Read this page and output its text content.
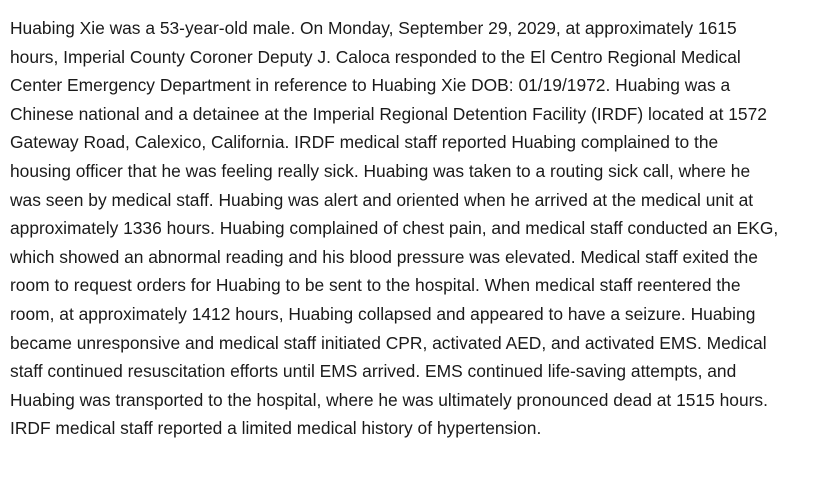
Huabing Xie was a 53-year-old male. On Monday, September 29, 2029, at approximately 1615
hours, Imperial County Coroner Deputy J. Caloca responded to the El Centro Regional Medical
Center Emergency Department in reference to Huabing Xie DOB: 01/19/1972. Huabing was a
Chinese national and a detainee at the Imperial Regional Detention Facility (IRDF) located at 1572
Gateway Road, Calexico, California. IRDF medical staff reported Huabing complained to the
housing officer that he was feeling really sick. Huabing was taken to a routing sick call, where he
was seen by medical staff. Huabing was alert and oriented when he arrived at the medical unit at
approximately 1336 hours. Huabing complained of chest pain, and medical staff conducted an EKG,
which showed an abnormal reading and his blood pressure was elevated. Medical staff exited the
room to request orders for Huabing to be sent to the hospital. When medical staff reentered the
room, at approximately 1412 hours, Huabing collapsed and appeared to have a seizure. Huabing
became unresponsive and medical staff initiated CPR, activated AED, and activated EMS. Medical
staff continued resuscitation efforts until EMS arrived. EMS continued life-saving attempts, and
Huabing was transported to the hospital, where he was ultimately pronounced dead at 1515 hours.
IRDF medical staff reported a limited medical history of hypertension.
